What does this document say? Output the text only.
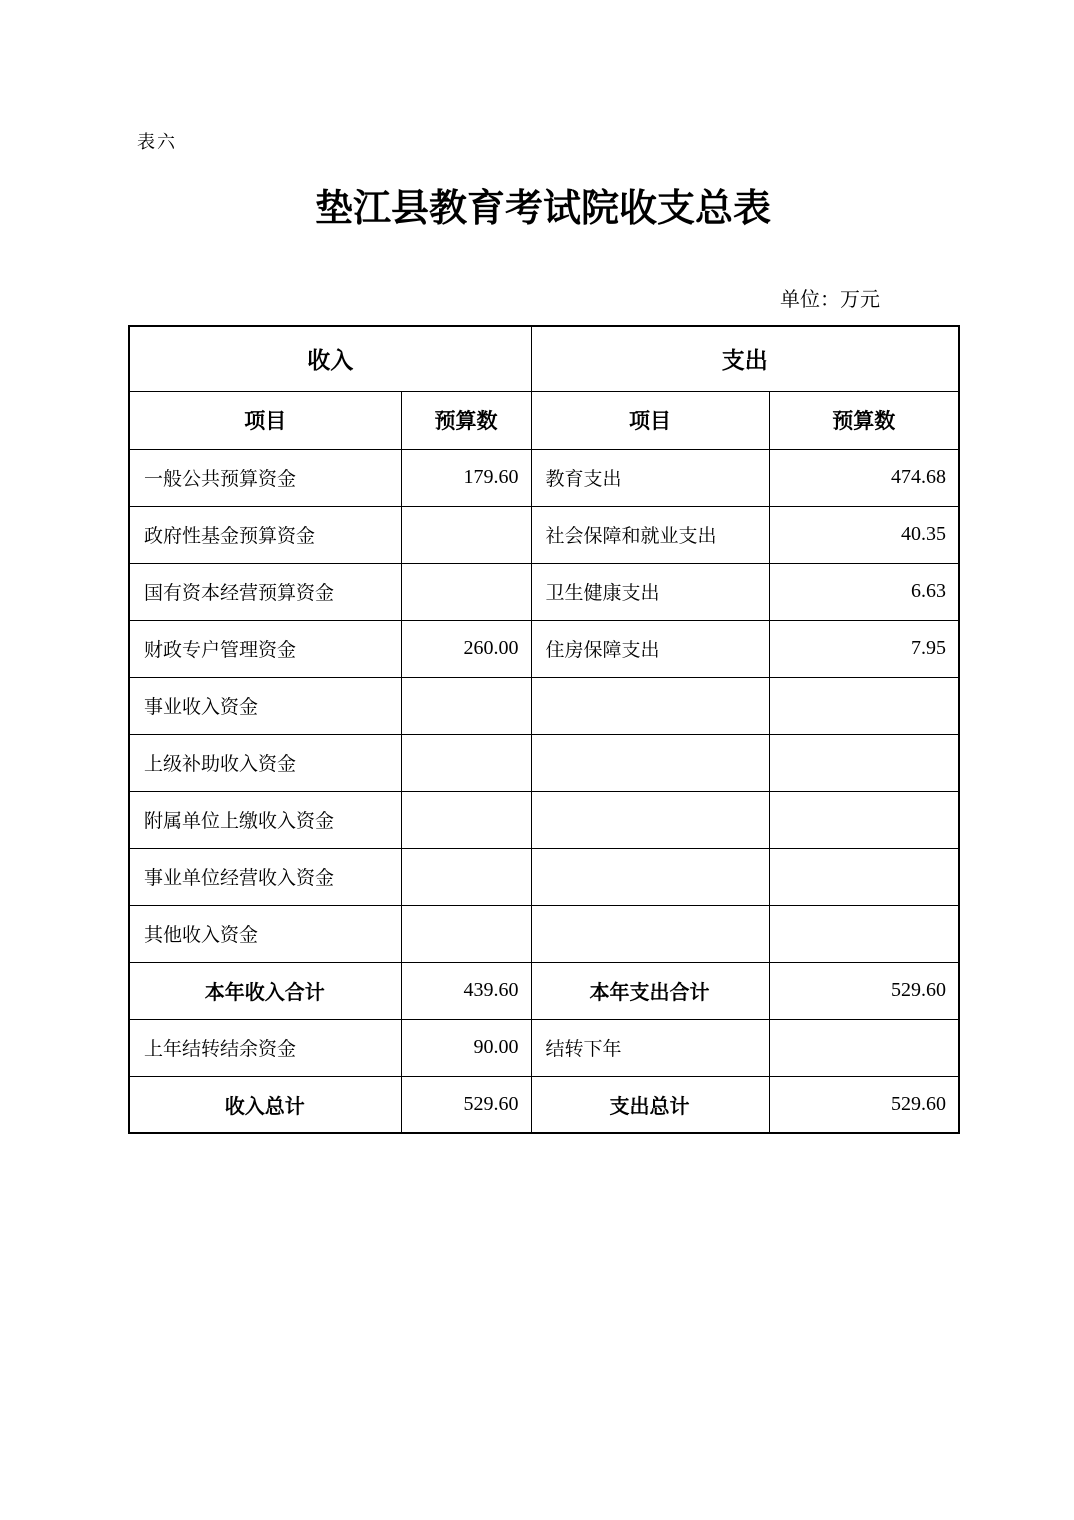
表六
垫江县教育考试院收支总表
单位：万元
收入		支出	
项目	预算数	项目	预算数
一般公共预算资金	179.60	教育支出	474.68
政府性基金预算资金		社会保障和就业支出	40.35
国有资本经营预算资金		卫生健康支出	6.63
财政专户管理资金	260.00	住房保障支出	7.95
事业收入资金			
上级补助收入资金			
附属单位上缴收入资金			
事业单位经营收入资金			
其他收入资金			
本年收入合计	439.60	本年支出合计	529.60
上年结转结余资金	90.00	结转下年	
收入总计	529.60	支出总计	529.60
